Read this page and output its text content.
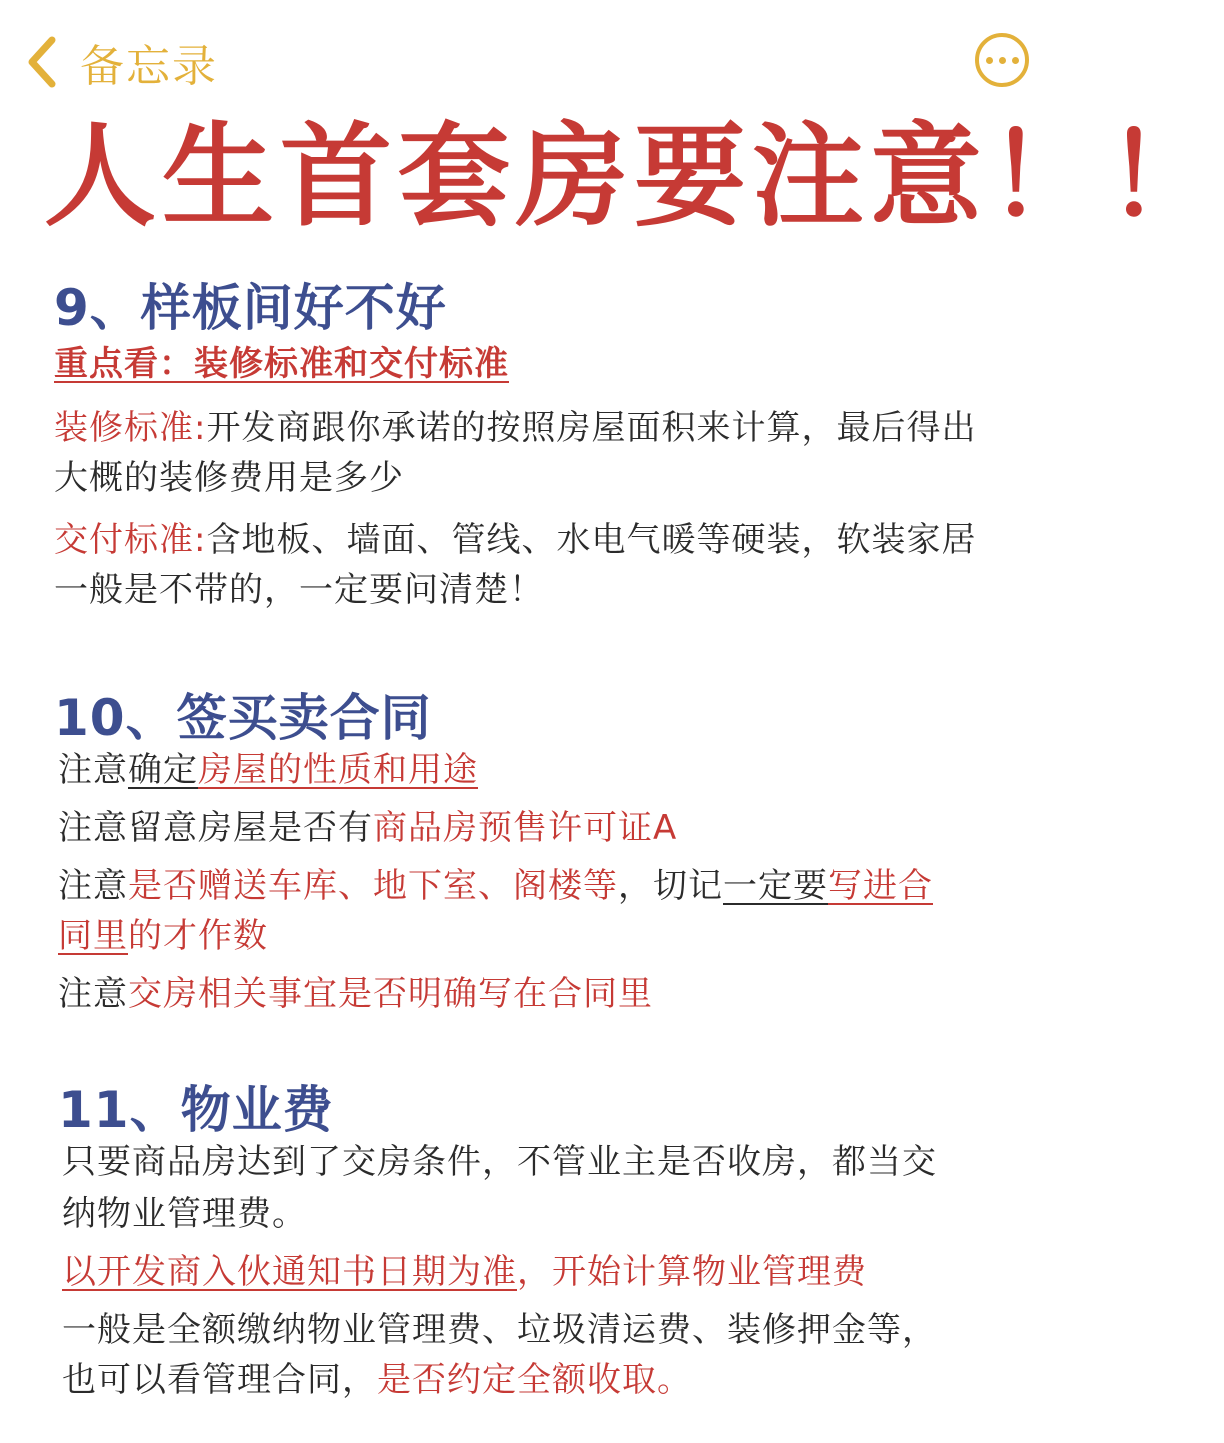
备忘录
人生首套房要注意！！
9、样板间好不好
重点看：装修标准和交付标准
装修标准:开发商跟你承诺的按照房屋面积来计算，最后得出
大概的装修费用是多少
交付标准:含地板、墙面、管线、水电气暖等硬装，软装家居
一般是不带的，一定要问清楚！
10、签买卖合同
注意确定房屋的性质和用途
注意留意房屋是否有商品房预售许可证A
注意是否赠送车库、地下室、阁楼等，切记一定要写进合
同里的才作数
注意交房相关事宜是否明确写在合同里
11、物业费
只要商品房达到了交房条件，不管业主是否收房，都当交
纳物业管理费。
以开发商入伙通知书日期为准，开始计算物业管理费
一般是全额缴纳物业管理费、垃圾清运费、装修押金等，
也可以看管理合同，是否约定全额收取。
